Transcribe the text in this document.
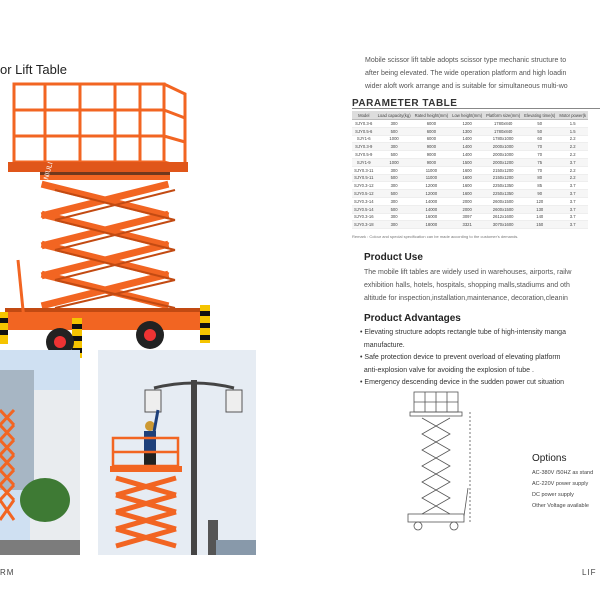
or Lift Table
NIULI
RM
Mobile scissor lift table adopts scissor type mechanic structure to
after being elevated. The wide operation platform and high loadin
wider aloft work arrange and is suitable for simultaneous multi-wo
PARAMETER TABLE
Model	Load capacity(kg)	Rated height(mm)	Low height(mm)	Platform size(mm)	Elevating time(s)	Motor power(k
SJY0.3-6	300	6000	1200	1780x840	50	1.5
SJY0.5-6	500	6000	1300	1780x840	50	1.5
SJY1-6	1000	6000	1400	1780x1000	60	2.2
SJY0.3-9	300	9000	1400	2000x1000	70	2.2
SJY0.5-9	500	9000	1400	2000x1000	70	2.2
SJY1-9	1000	9000	1500	2000x1200	75	3.7
SJY0.3-11	300	11000	1600	2150x1200	70	2.2
SJY0.5-11	500	11000	1600	2150x1200	80	2.2
SJY0.3-12	300	12000	1600	2250x1350	85	3.7
SJY0.5-12	500	12000	1600	2250x1350	90	3.7
SJY0.3-14	300	14000	2000	2600x1500	120	3.7
SJY0.5-14	500	14000	2000	2600x1500	130	3.7
SJY0.3-16	300	16000	3097	2612x1600	140	3.7
SJY0.3-18	300	18000	3321	3070x1600	150	3.7
Remark : Colour and special specification can be made according to the customer's demands.
Product Use
The mobile lift tables are widely used in warehouses, airports, railw
exhibition halls, hotels, hospitals, shopping malls,stadiums and oth
altitude for inspection,installation,maintenance, decoration,cleanin
Product Advantages
• Elevating structure adopts rectangle tube of high-intensity manga
manufacture.
• Safe protection device to prevent overload of elevating platform
anti-explosion valve for avoiding the explosion of tube .
• Emergency descending device in the sudden power cut situation
Options
AC-380V /50HZ as stand
AC-220V power supply
DC power supply
Other Voltage available
LIF
